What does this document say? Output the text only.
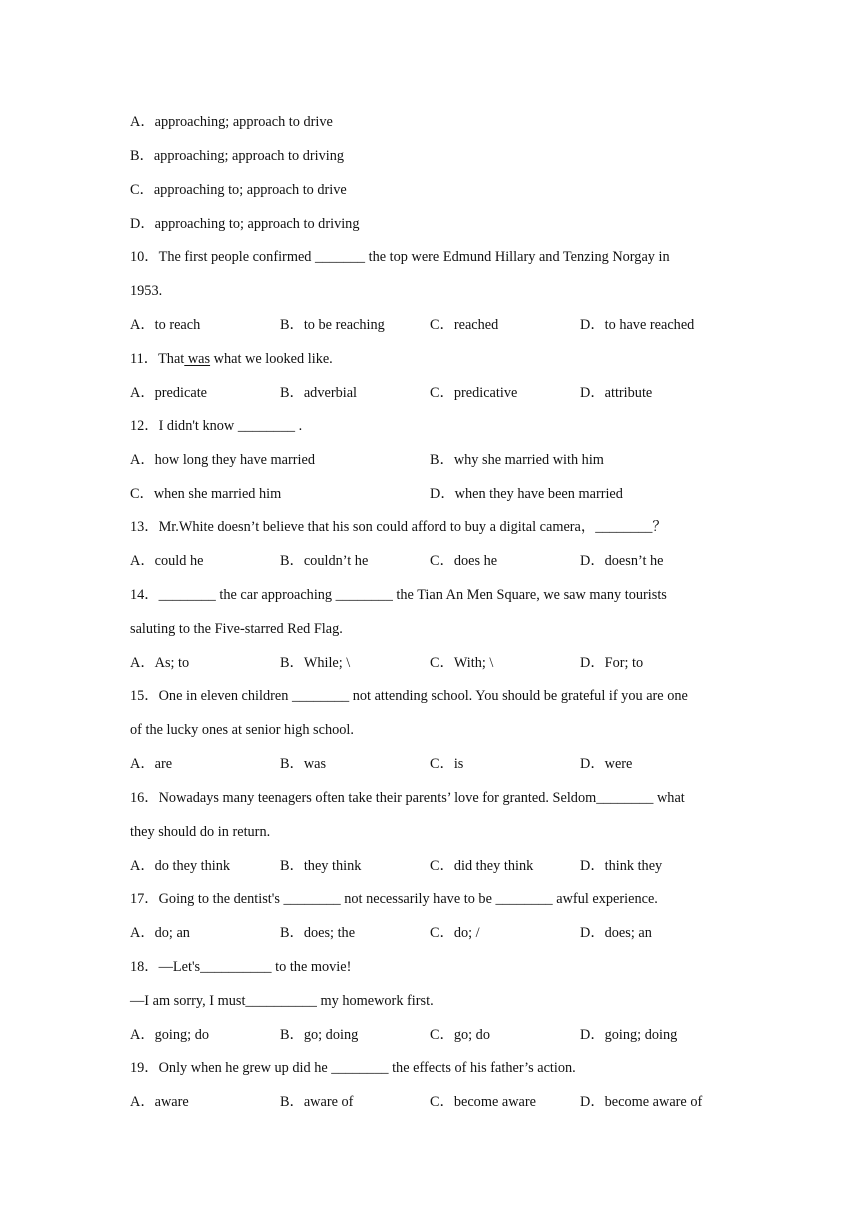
A．approaching; approach to drive
B．approaching; approach to driving
C．approaching to; approach to drive
D．approaching to; approach to driving
10．The first people confirmed _______ the top were Edmund Hillary and Tenzing Norgay in
1953.
A．to reach	B．to be reaching	C．reached	D．to have reached
11．That was what we looked like.
A．predicate	B．adverbial	C．predicative	D．attribute
12．I didn't know ________ .
A．how long they have married	B．why she married with him
C．when she married him	D．when they have been married
13．Mr.White doesn’t believe that his son could afford to buy a digital camera，________？
A．could he	B．couldn’t he	C．does he	D．doesn’t he
14．________ the car approaching ________ the Tian An Men Square, we saw many tourists
saluting to the Five-starred Red Flag.
A．As; to	B．While; \	C．With; \	D．For; to
15．One in eleven children ________ not attending school. You should be grateful if you are one
of the lucky ones at senior high school.
A．are	B．was	C．is	D．were
16．Nowadays many teenagers often take their parents’ love for granted. Seldom________ what
they should do in return.
A．do they think	B．they think	C．did they think	D．think they
17．Going to the dentist's ________ not necessarily have to be ________ awful experience.
A．do; an	B．does; the	C．do; /	D．does; an
18．—Let's__________ to the movie!
—I am sorry, I must__________ my homework first.
A．going; do	B．go; doing	C．go; do	D．going; doing
19．Only when he grew up did he ________ the effects of his father’s action.
A．aware	B．aware of	C．become aware	D．become aware of
